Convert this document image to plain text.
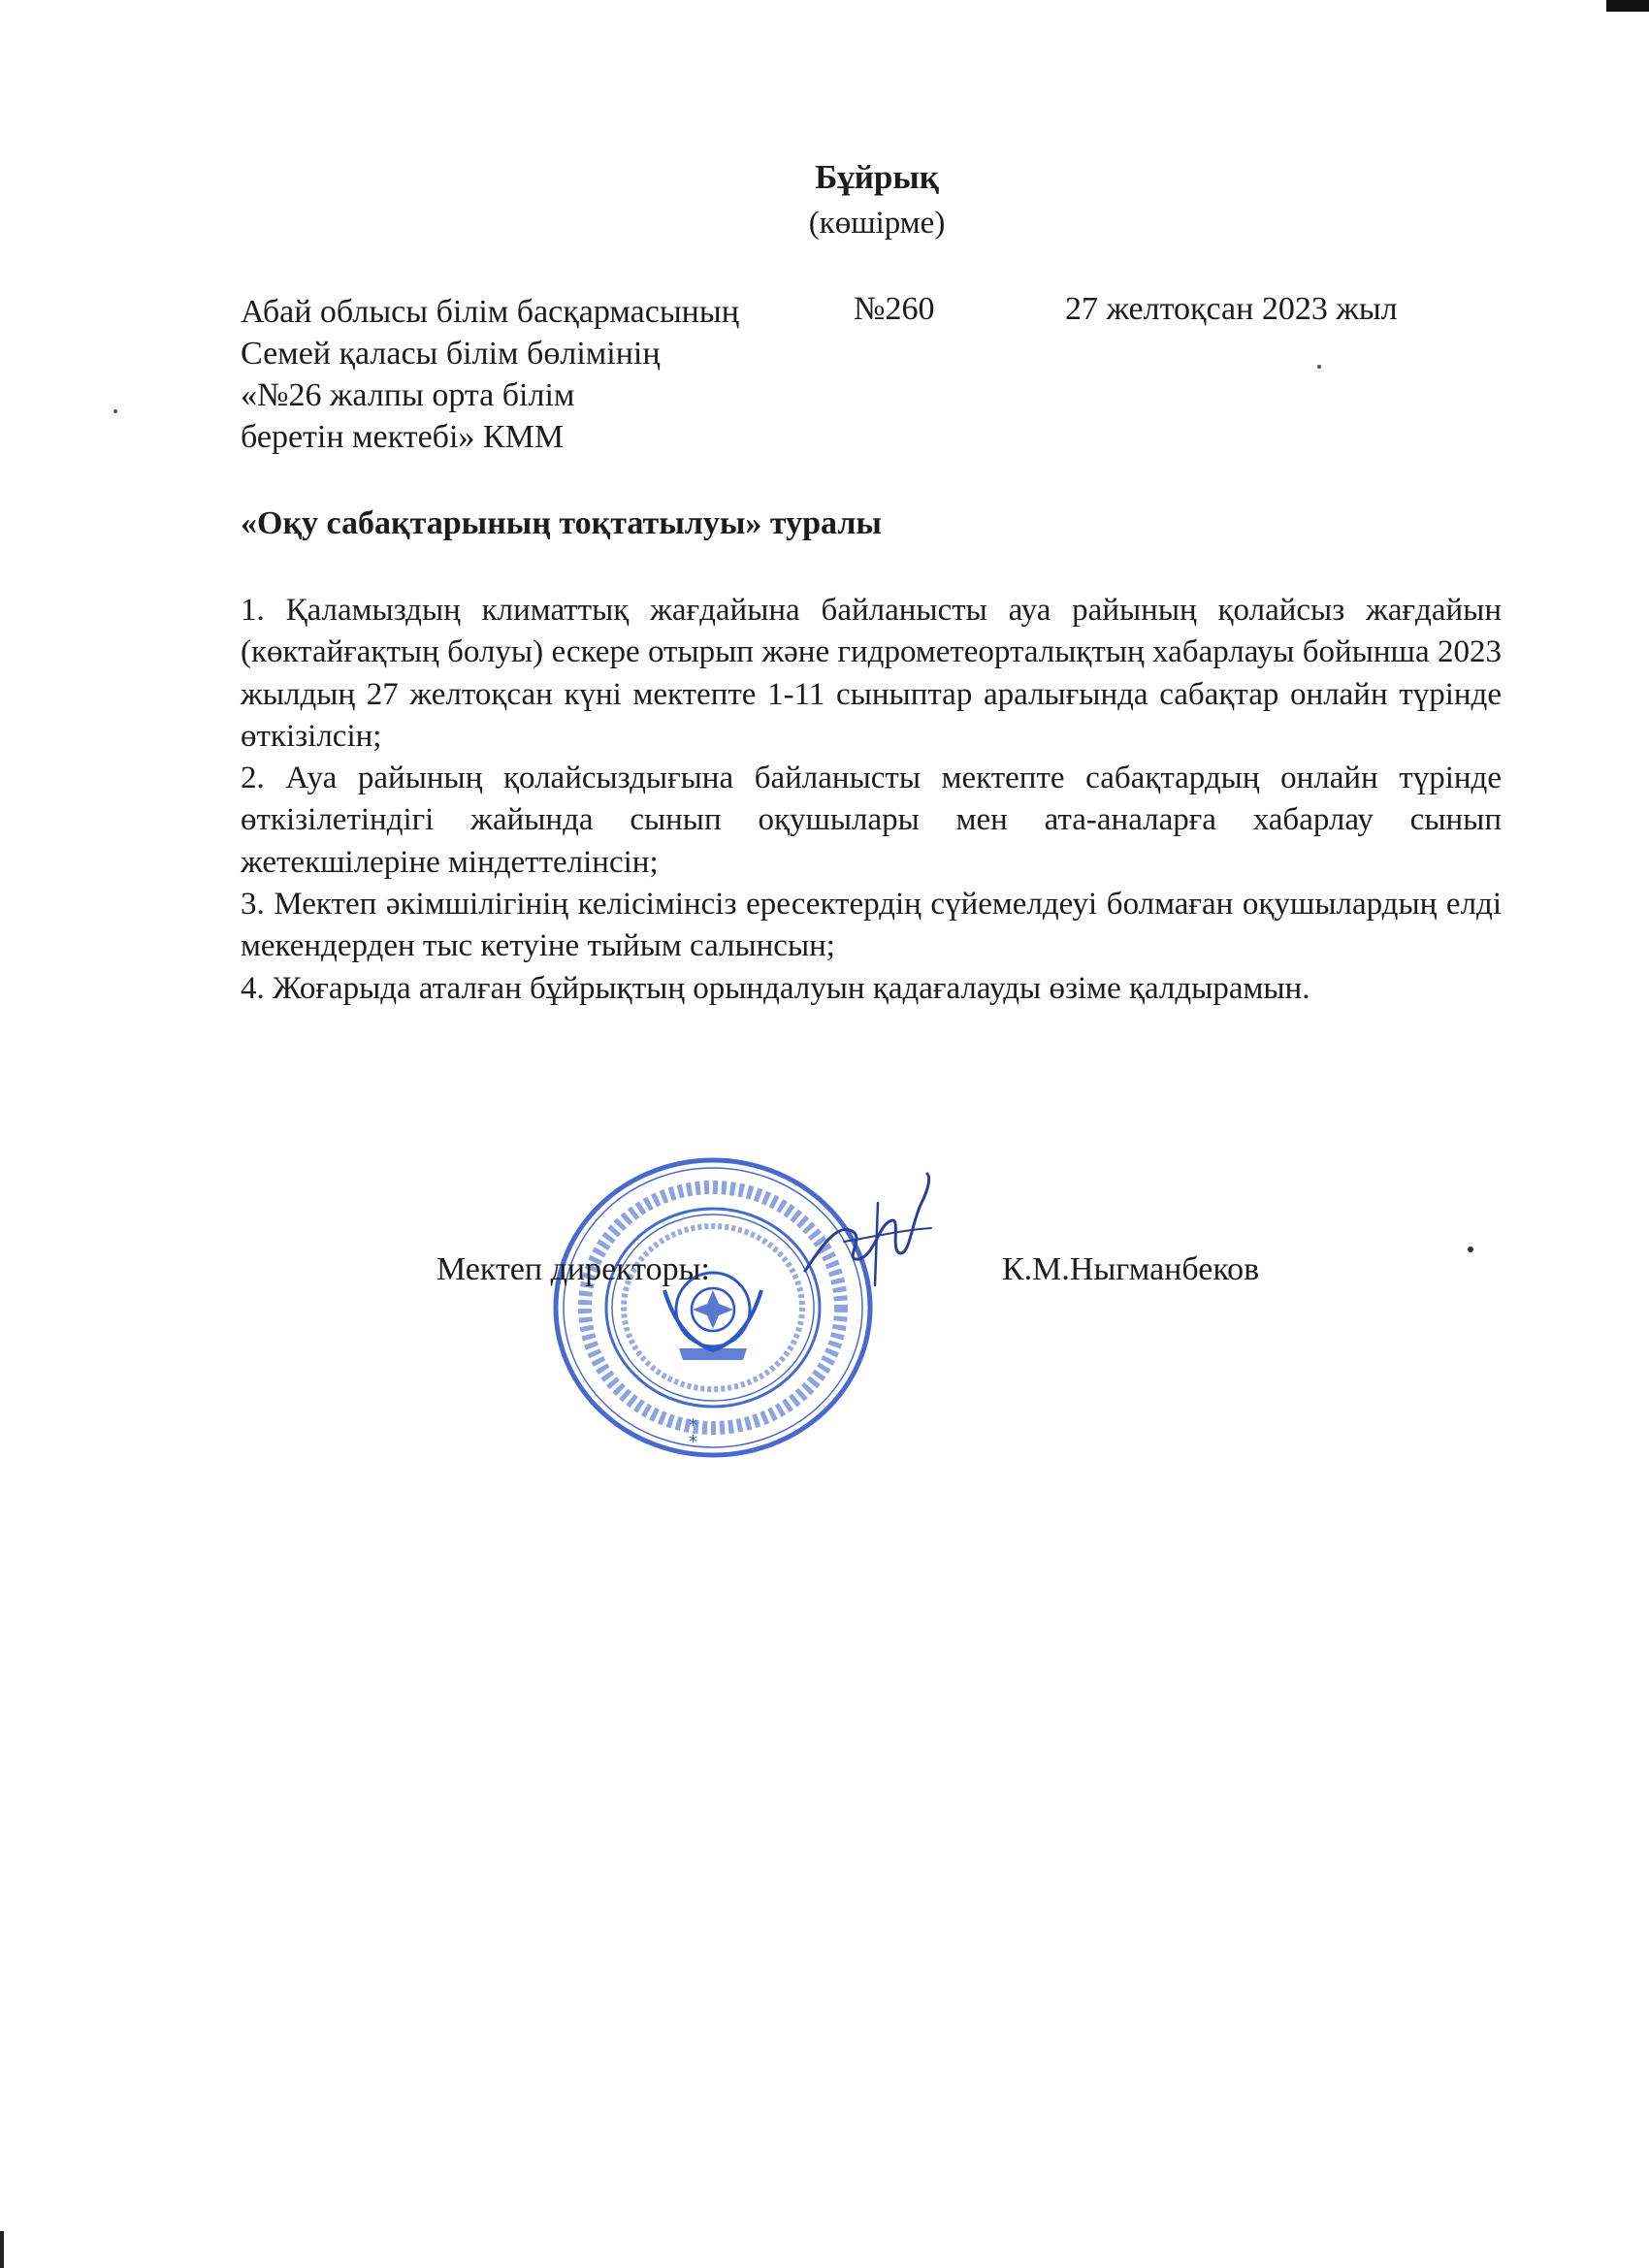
Бұйрық
(көшірме)
Абай облысы білім басқармасының
Семей қаласы білім бөлімінің
«№26 жалпы орта білім
беретін мектебі» КММ
№260	27 желтоқсан 2023 жыл
«Оқу сабақтарының тоқтатылуы» туралы

1. Қаламыздың климаттық жағдайына байланысты ауа райының қолайсыз жағдайын (көктайғақтың болуы) ескере отырып және гидрометеорталықтың хабарлауы бойынша 2023 жылдың 27 желтоқсан күні мектепте 1-11 сыныптар аралығында сабақтар онлайн түрінде өткізілсін;

2. Ауа райының қолайсыздығына байланысты мектепте сабақтардың онлайн түрінде өткізілетіндігі жайында сынып оқушылары мен ата-аналарға хабарлау сынып жетекшілеріне міндеттелінсін;

3. Мектеп әкімшілігінің келісімінсіз ересектердің сүйемелдеуі болмаған оқушылардың елді мекендерден тыс кетуіне тыйым салынсын;

4. Жоғарыда аталған бұйрықтың орындалуын қадағалауды өзіме қалдырамын.

*
*
Мектеп директоры:	К.М.Ныгманбеков
